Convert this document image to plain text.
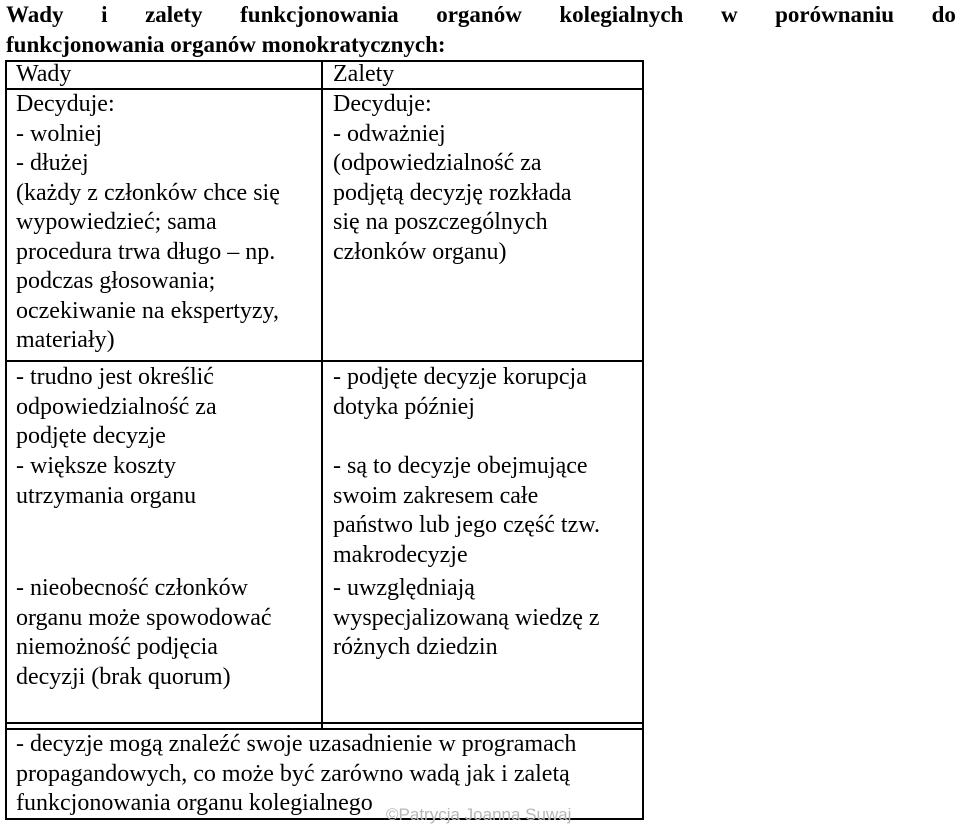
Wady i zalety funkcjonowania organów kolegialnych w porównaniu do
funkcjonowania organów monokratycznych:
Wady	Zalety
Decyduje:
- wolniej
- dłużej
(każdy z członków chce się
wypowiedzieć; sama
procedura trwa długo – np.
podczas głosowania;
oczekiwanie na ekspertyzy,
materiały)
Decyduje:
- odważniej
(odpowiedzialność za
podjętą decyzję rozkłada
się na poszczególnych
członków organu)
- trudno jest określić
odpowiedzialność za
podjęte decyzje
- podjęte decyzje korupcja
dotyka później
- większe koszty
utrzymania organu
- są to decyzje obejmujące
swoim zakresem całe
państwo lub jego część tzw.
makrodecyzje
- nieobecność członków
organu może spowodować
niemożność podjęcia
decyzji (brak quorum)
- uwzględniają
wyspecjalizowaną wiedzę z
różnych dziedzin
- decyzje mogą znaleźć swoje uzasadnienie w programach
propagandowych, co może być zarówno wadą jak i zaletą
funkcjonowania organu kolegialnego ©Patrycja Joanna Suwaj
